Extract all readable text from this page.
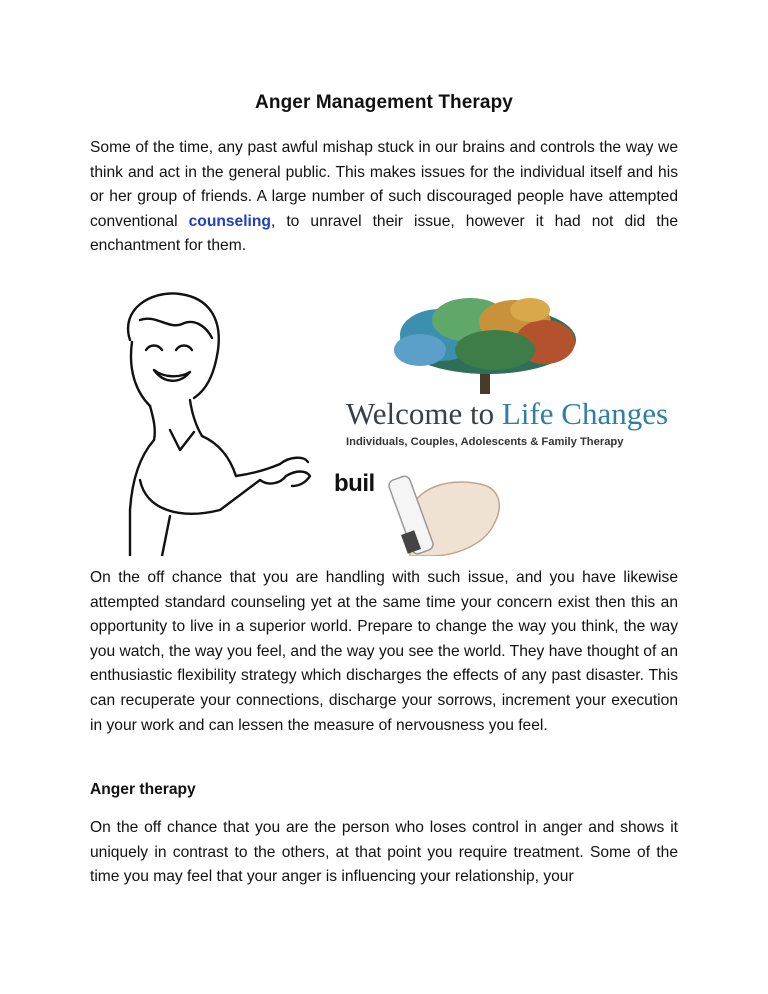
Anger Management Therapy
Some of the time, any past awful mishap stuck in our brains and controls the way we think and act in the general public. This makes issues for the individual itself and his or her group of friends. A large number of such discouraged people have attempted conventional counseling, to unravel their issue, however it had not did the enchantment for them.
Welcome to Life Changes
Individuals, Couples, Adolescents & Family Therapy
buil
On the off chance that you are handling with such issue, and you have likewise attempted standard counseling yet at the same time your concern exist then this an opportunity to live in a superior world. Prepare to change the way you think, the way you watch, the way you feel, and the way you see the world. They have thought of an enthusiastic flexibility strategy which discharges the effects of any past disaster. This can recuperate your connections, discharge your sorrows, increment your execution in your work and can lessen the measure of nervousness you feel.
Anger therapy
On the off chance that you are the person who loses control in anger and shows it uniquely in contrast to the others, at that point you require treatment. Some of the time you may feel that your anger is influencing your relationship, your
